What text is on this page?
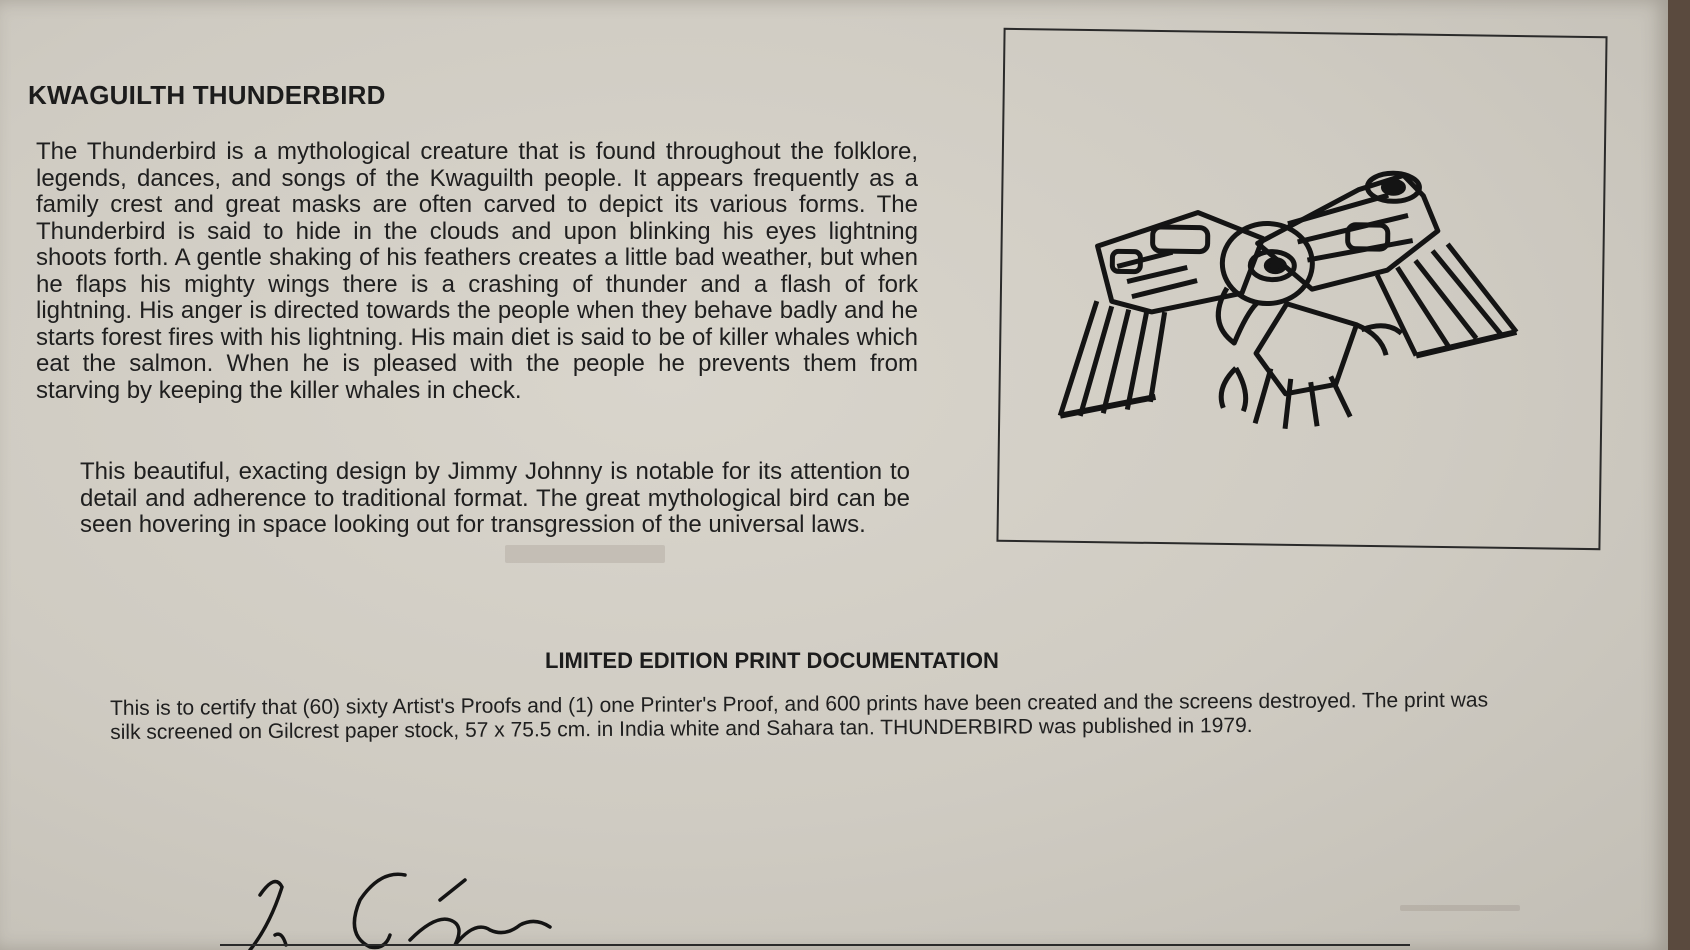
KWAGUILTH THUNDERBIRD

The Thunderbird is a mythological creature that is found throughout the folklore, legends, dances, and songs of the Kwaguilth people. It appears frequently as a family crest and great masks are often carved to depict its various forms. The Thunderbird is said to hide in the clouds and upon blinking his eyes lightning shoots forth. A gentle shaking of his feathers creates a little bad weather, but when he flaps his mighty wings there is a crashing of thunder and a flash of fork lightning. His anger is directed towards the people when they behave badly and he starts forest fires with his lightning. His main diet is said to be of killer whales which eat the salmon. When he is pleased with the people he prevents them from starving by keeping the killer whales in check.

This beautiful, exacting design by Jimmy Johnny is notable for its attention to detail and adherence to traditional format. The great mythological bird can be seen hovering in space looking out for transgression of the universal laws.

LIMITED EDITION PRINT DOCUMENTATION

This is to certify that (60) sixty Artist's Proofs and (1) one Printer's Proof, and 600 prints have been created and the screens destroyed. The print was silk screened on Gilcrest paper stock, 57 x 75.5 cm. in India white and Sahara tan. THUNDERBIRD was published in 1979.
